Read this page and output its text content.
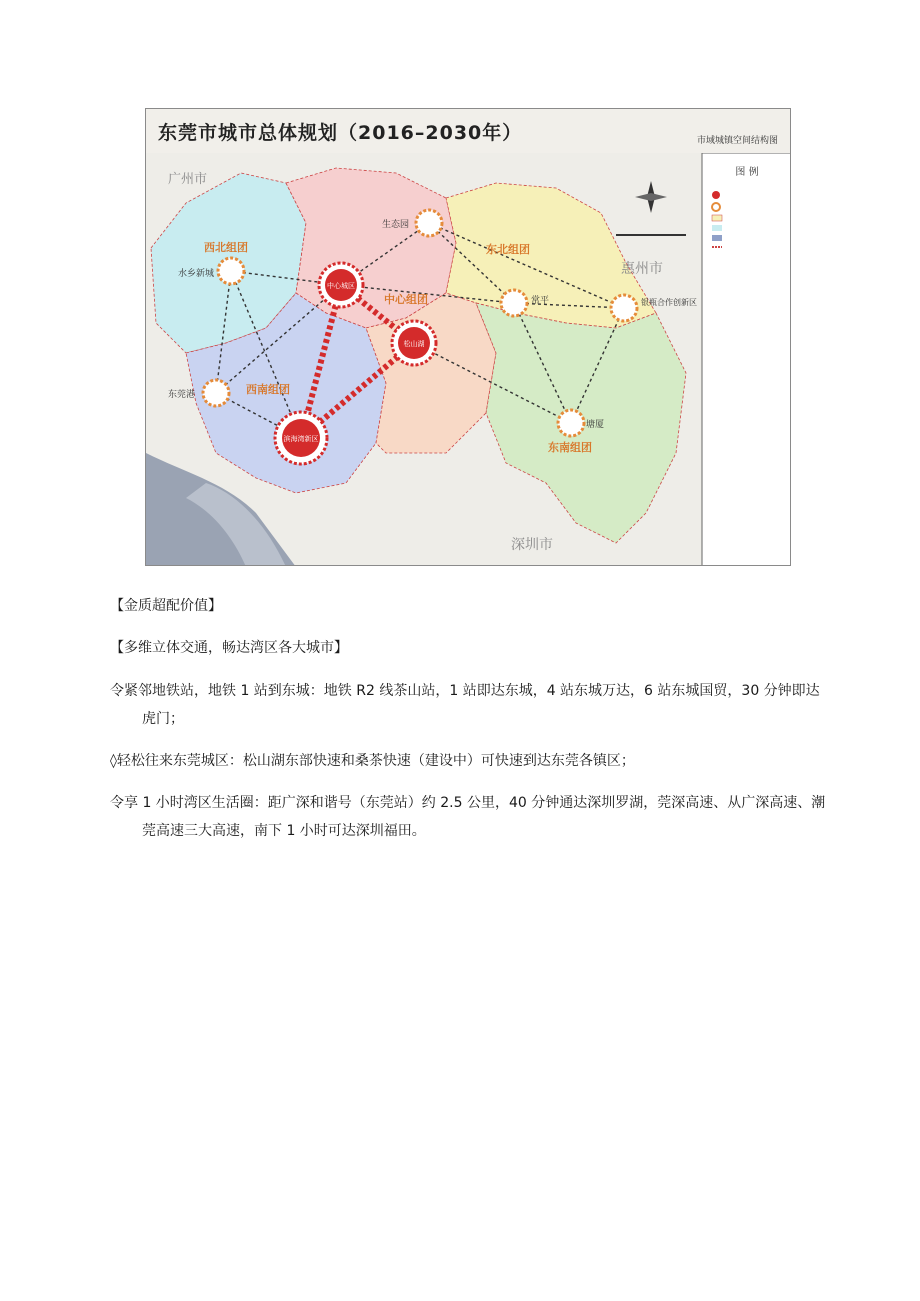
东莞市城市总体规划（2016–2030年）	市域城镇空间结构图
图 例
广州市
惠州市
深圳市
生态园
东北组团
西北组团
水乡新城
中心城区
中心组团	常平	银瓶合作创新区
松山湖
东莞港	西南组团
滨海湾新区
塘厦
东南组团
【金质超配价值】
【多维立体交通，畅达湾区各大城市】
令紧邻地铁站，地铁 1 站到东城：地铁 R2 线茶山站，1 站即达东城，4 站东城万达，6 站东城国贸，30 分钟即达虎门；
◊轻松往来东莞城区：松山湖东部快速和桑茶快速（建设中）可快速到达东莞各镇区；
令享 1 小时湾区生活圈：距广深和谐号（东莞站）约 2.5 公里，40 分钟通达深圳罗湖，莞深高速、从广深高速、潮莞高速三大高速，南下 1 小时可达深圳福田。
